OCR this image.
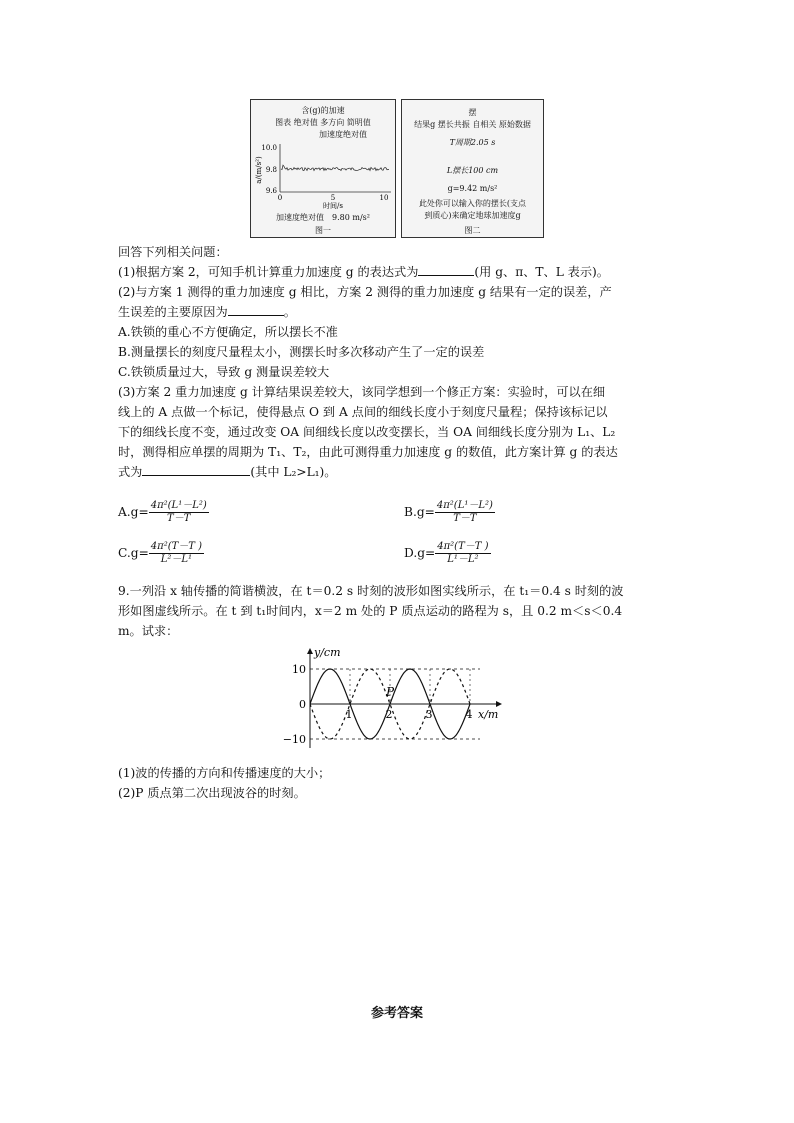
含(g)的加速
图表 绝对值 多方向 简明值
加速度绝对值
a/(m/s²)
10.0
9.8
9.6
0	5	10
时间/s
加速度绝对值　9.80 m/s²
图一
摆
结果g 摆长共振 自相关 原始数据
T周期2.05 s
L摆长100 cm
g=9.42 m/s²
此处你可以输入你的摆长(支点
到质心)来确定地球加速度g
图二
回答下列相关问题：
(1)根据方案 2，可知手机计算重力加速度 g 的表达式为	(用 g、π、T、L 表示)。
(2)与方案 1 测得的重力加速度 g 相比，方案 2 测得的重力加速度 g 结果有一定的误差，产
生误差的主要原因为	。
A.铁锁的重心不方便确定，所以摆长不准
B.测量摆长的刻度尺量程太小，测摆长时多次移动产生了一定的误差
C.铁锁质量过大，导致 g 测量误差较大
(3)方案 2 重力加速度 g 计算结果误差较大，该同学想到一个修正方案：实验时，可以在细
线上的 A 点做一个标记，使得悬点 O 到 A 点间的细线长度小于刻度尺量程；保持该标记以
下的细线长度不变，通过改变 OA 间细线长度以改变摆长，当 OA 间细线长度分别为 L₁、L₂
时，测得相应单摆的周期为 T₁、T₂，由此可测得重力加速度 g 的数值，此方案计算 g 的表达
式为	(其中 L₂>L₁)。
$A.g= \frac{\text{4π²(L¹－L²)}}{T-T}$	$B.g= \frac{\text{4π²(L¹－L²)}}{T-T}$
$C.g= \frac{\text{4π²(T－T )}}{\text{L²－L¹}}$	$D.g= \frac{\text{4π²(T－T )}}{\text{L¹－L²}}$
9.一列沿 x 轴传播的简谐横波，在 t＝0.2 s 时刻的波形如图实线所示，在 t₁＝0.4 s 时刻的波
形如图虚线所示。在 t 到 t₁时间内，x＝2 m 处的 P 质点运动的路程为 s，且 0.2 m＜s＜0.4
m。试求：
y/cm
x/m
10
0
−10
1	2	3	4
P
(1)波的传播的方向和传播速度的大小；
(2)P 质点第二次出现波谷的时刻。
参考答案
